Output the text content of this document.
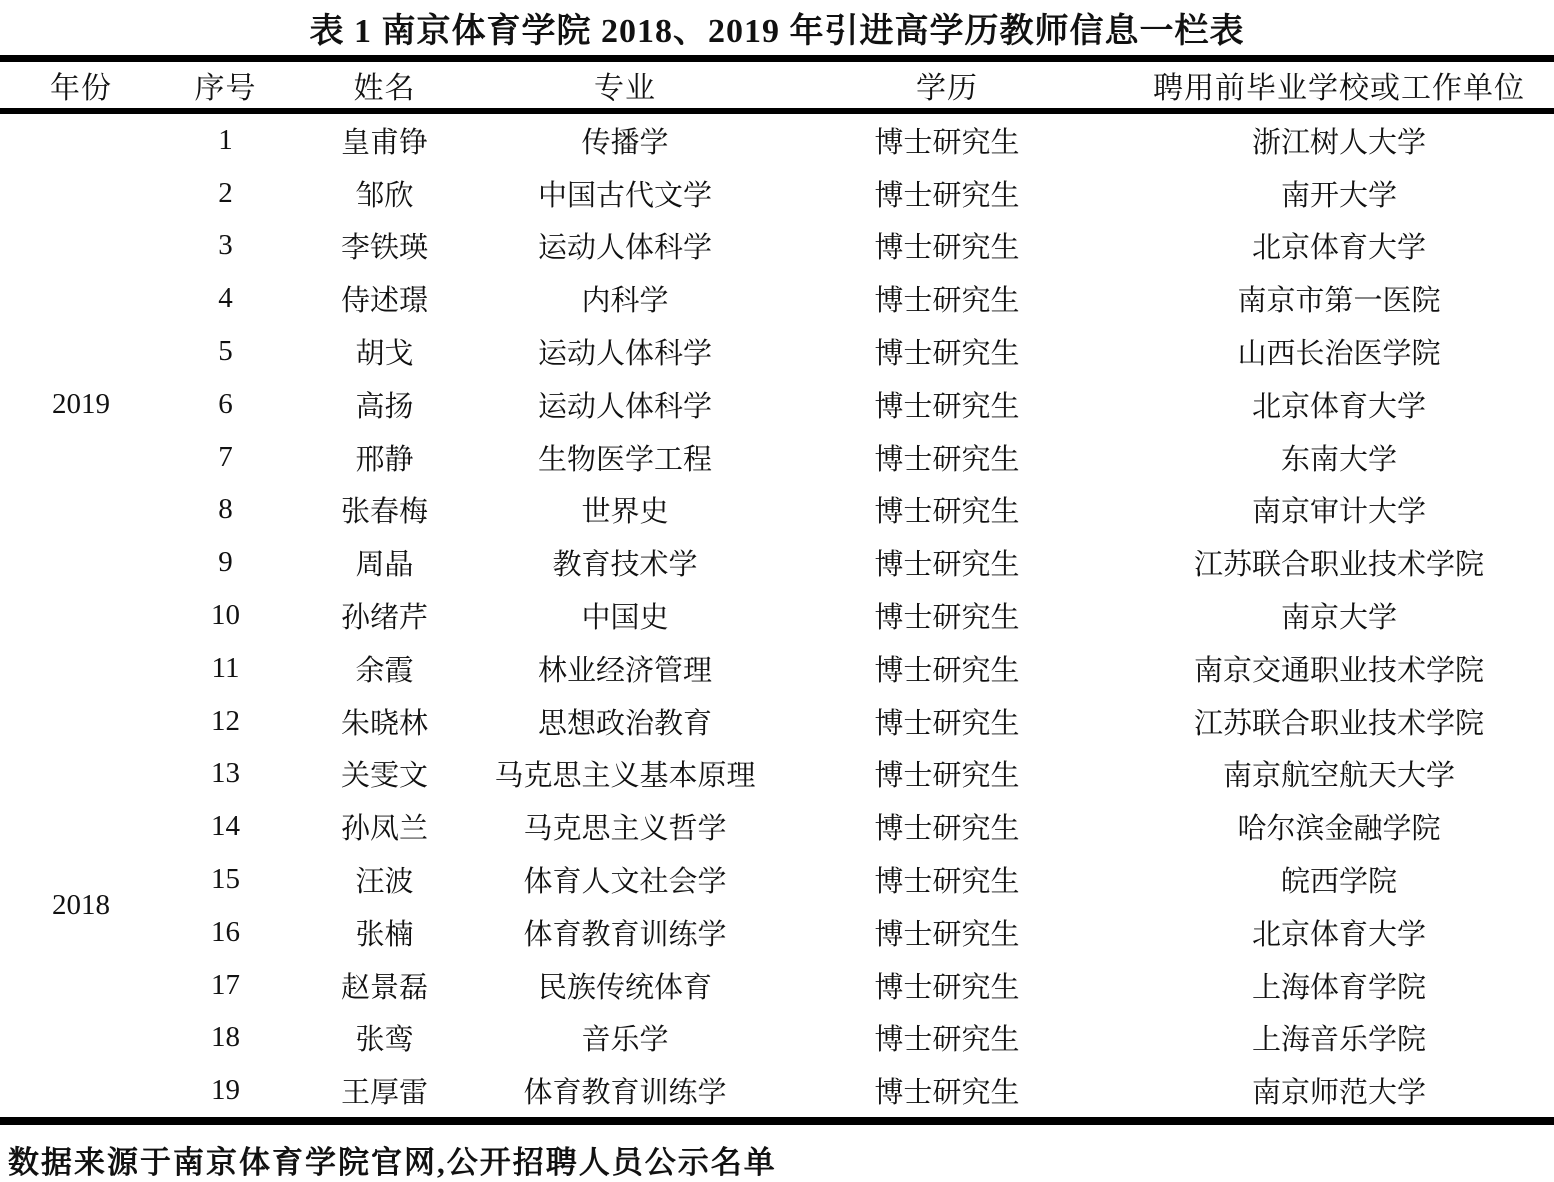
表 1 南京体育学院 2018、2019 年引进高学历教师信息一栏表
年份	序号	姓名	专业	学历	聘用前毕业学校或工作单位
2019	1	皇甫铮	传播学	博士研究生	浙江树人大学
	2	邹欣	中国古代文学	博士研究生	南开大学
	3	李铁瑛	运动人体科学	博士研究生	北京体育大学
	4	侍述璟	内科学	博士研究生	南京市第一医院
	5	胡戈	运动人体科学	博士研究生	山西长治医学院
	6	高扬	运动人体科学	博士研究生	北京体育大学
	7	邢静	生物医学工程	博士研究生	东南大学
	8	张春梅	世界史	博士研究生	南京审计大学
	9	周晶	教育技术学	博士研究生	江苏联合职业技术学院
	10	孙绪芹	中国史	博士研究生	南京大学
	11	余霞	林业经济管理	博士研究生	南京交通职业技术学院
2018	12	朱晓林	思想政治教育	博士研究生	江苏联合职业技术学院
	13	关雯文	马克思主义基本原理	博士研究生	南京航空航天大学
	14	孙凤兰	马克思主义哲学	博士研究生	哈尔滨金融学院
	15	汪波	体育人文社会学	博士研究生	皖西学院
	16	张楠	体育教育训练学	博士研究生	北京体育大学
	17	赵景磊	民族传统体育	博士研究生	上海体育学院
	18	张鸾	音乐学	博士研究生	上海音乐学院
	19	王厚雷	体育教育训练学	博士研究生	南京师范大学
数据来源于南京体育学院官网,公开招聘人员公示名单
